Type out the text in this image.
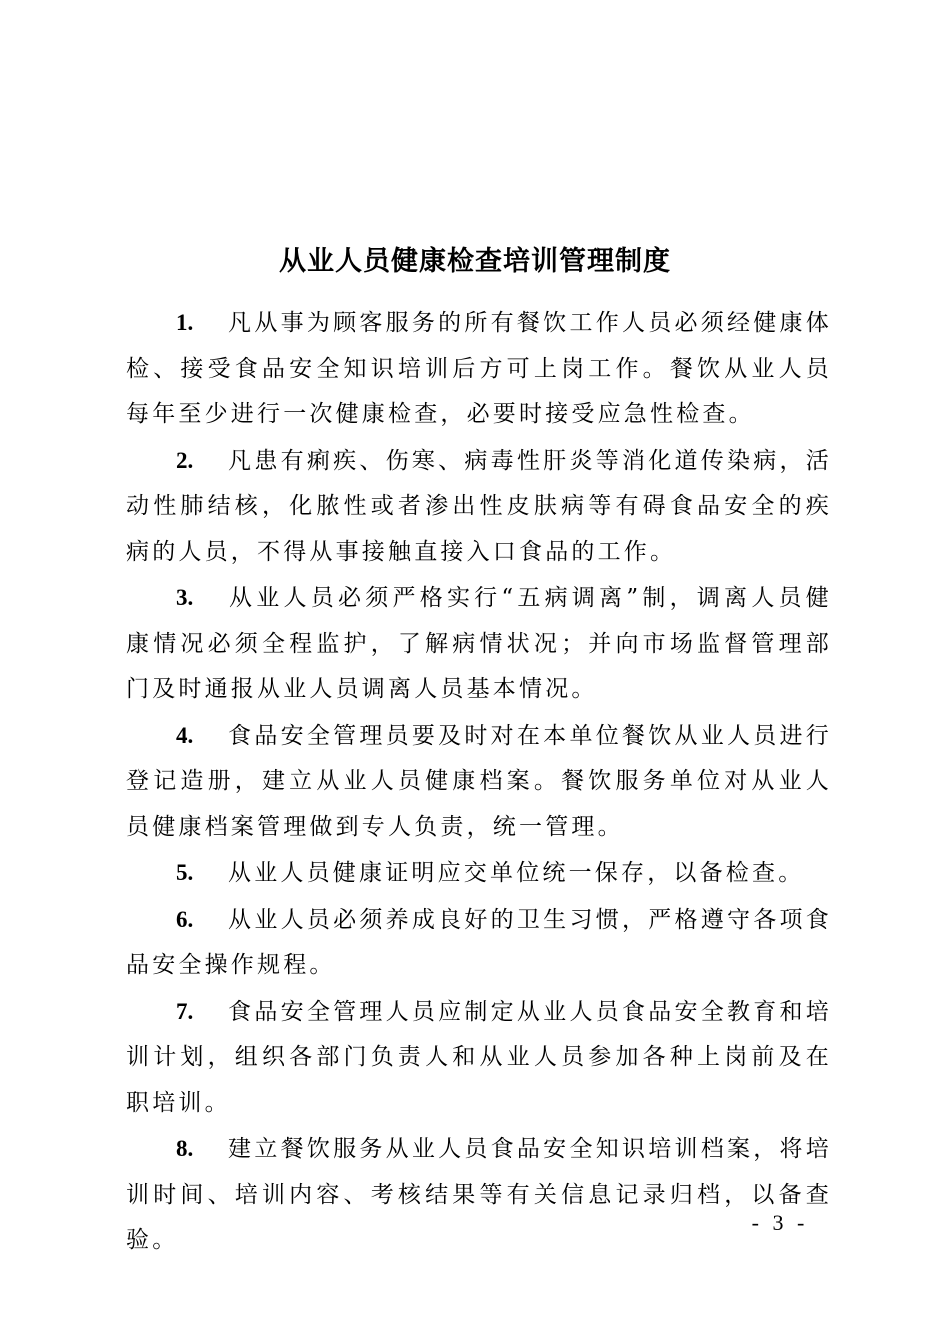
从业人员健康检查培训管理制度

1. 凡从事为顾客服务的所有餐饮工作人员必须经健康体检、接受食品安全知识培训后方可上岗工作。餐饮从业人员每年至少进行一次健康检查，必要时接受应急性检查。

2. 凡患有痢疾、伤寒、病毒性肝炎等消化道传染病，活动性肺结核，化脓性或者渗出性皮肤病等有碍食品安全的疾病的人员，不得从事接触直接入口食品的工作。

3. 从业人员必须严格实行“五病调离”制，调离人员健康情况必须全程监护，了解病情状况；并向市场监督管理部门及时通报从业人员调离人员基本情况。

4. 食品安全管理员要及时对在本单位餐饮从业人员进行登记造册，建立从业人员健康档案。餐饮服务单位对从业人员健康档案管理做到专人负责，统一管理。

5. 从业人员健康证明应交单位统一保存，以备检查。

6. 从业人员必须养成良好的卫生习惯，严格遵守各项食品安全操作规程。

7. 食品安全管理人员应制定从业人员食品安全教育和培训计划，组织各部门负责人和从业人员参加各种上岗前及在职培训。

8. 建立餐饮服务从业人员食品安全知识培训档案，将培训时间、培训内容、考核结果等有关信息记录归档，以备查验。

- 3 -
